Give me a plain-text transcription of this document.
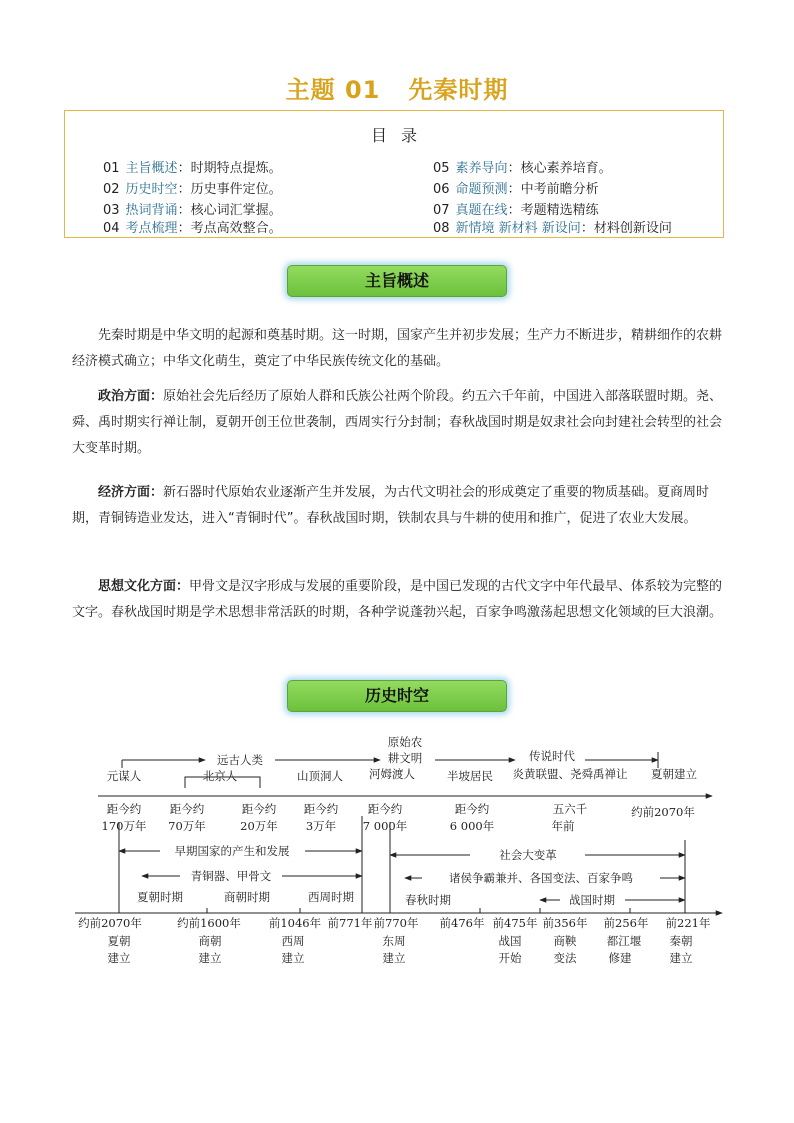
主题 01 先秦时期
目录
01 主旨概述：时期特点提炼。
02 历史时空：历史事件定位。
03 热词背诵：核心词汇掌握。
04 考点梳理：考点高效整合。
05 素养导向：核心素养培育。
06 命题预测：中考前瞻分析
07 真题在线：考题精选精练
08 新情境 新材料 新设问：材料创新设问
主旨概述
先秦时期是中华文明的起源和奠基时期。这一时期，国家产生并初步发展；生产力不断进步，精耕细作的农耕经济模式确立；中华文化萌生，奠定了中华民族传统文化的基础。
政治方面：原始社会先后经历了原始人群和氏族公社两个阶段。约五六千年前，中国进入部落联盟时期。尧、舜、禹时期实行禅让制，夏朝开创王位世袭制，西周实行分封制；春秋战国时期是奴隶社会向封建社会转型的社会大变革时期。
经济方面：新石器时代原始农业逐渐产生并发展，为古代文明社会的形成奠定了重要的物质基础。夏商周时期，青铜铸造业发达，进入“青铜时代”。春秋战国时期，铁制农具与牛耕的使用和推广，促进了农业大发展。
思想文化方面：甲骨文是汉字形成与发展的重要阶段，是中国已发现的古代文字中年代最早、体系较为完整的文字。春秋战国时期是学术思想非常活跃的时期，各种学说蓬勃兴起，百家争鸣激荡起思想文化领域的巨大浪潮。
历史时空
远古人类
原始农
耕文明	传说时代
元谋人	北京人	山顶洞人 河姆渡人	半坡居民 炎黄联盟、尧舜禹禅让 夏朝建立
距今约
170万年
距今约
70万年
距今约
20万年
距今约
3万年
距今约
7 000年
距今约
6 000年
五六千
年前
约前2070年
早期国家的产生和发展
青铜器、甲骨文
社会大变革
诸侯争霸兼并、各国变法、百家争鸣
夏朝时期	商朝时期	西周时期	春秋时期	战国时期
约前2070年	约前1600年 前1046年 前771年 前770年 前476年 前475年 前356年 前256年 前221年
夏朝
建立
商朝
建立
西周
建立
东周
建立
战国
开始
商鞅
变法
都江堰
修建
秦朝
建立
